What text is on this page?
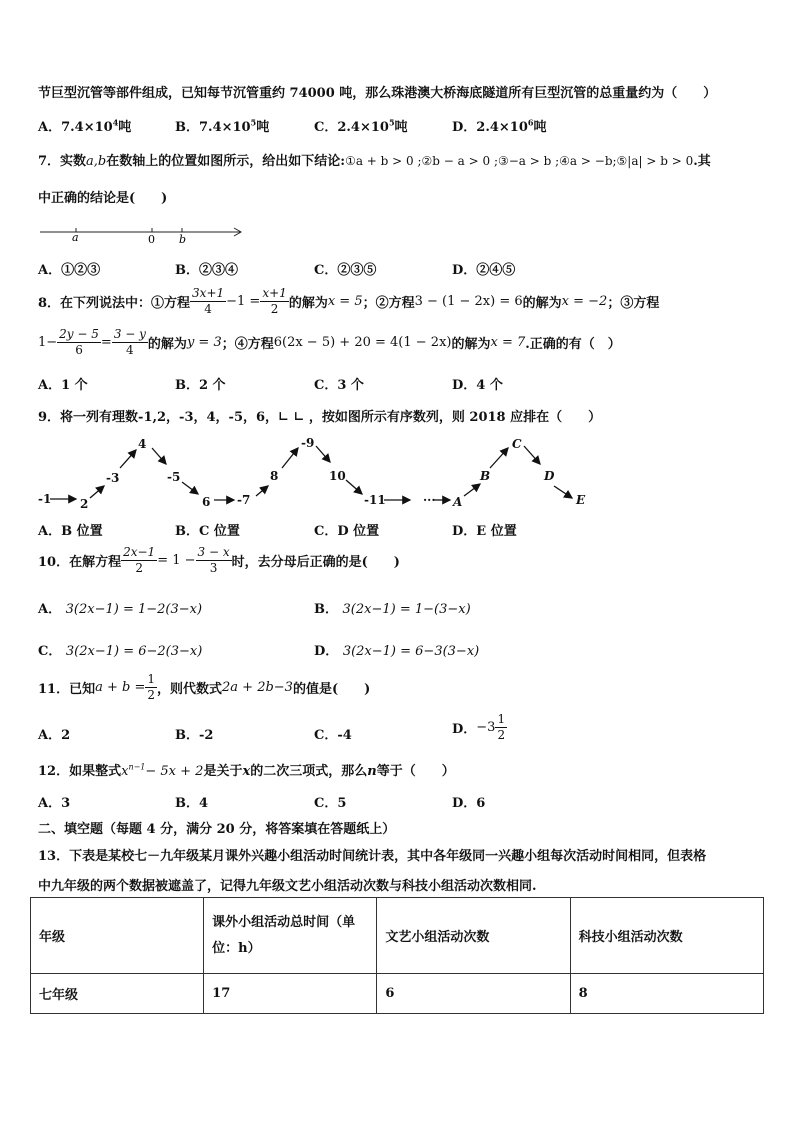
节巨型沉管等部件组成，已知每节沉管重约 74000 吨，那么珠港澳大桥海底隧道所有巨型沉管的总重量约为（　　）
A．$7.4\times 10^4$吨	B．$7.4\times 10^5$吨	C．$2.4\times 10^5$吨	D．$2.4\times 10^6$吨
7．实数a,b在数轴上的位置如图所示，给出如下结论:①a + b > 0 ;②b − a > 0 ;③−a > b ;④a > −b;⑤|a| > b > 0.其
中正确的结论是(　　)
a	0 b
A．①②③	B．②③④	C．②③⑤	D．②④⑤
8．在下列说法中：①方程 $\frac{3x+1}{4} -1 = \frac{x+1}{2}$ 的解为x = 5；②方程3 − (1 − 2x) = 6的解为x = −2；③方程
$1- \frac{2y - 5}{6} = \frac{3 - y}{4}$ 的解为y = 3；④方程6(2x − 5) + 20 = 4(1 − 2x)的解为x = 7.正确的有（　）
A．1 个	B．2 个	C．3 个	D．4 个
9．将一列有理数-1,2，-3，4，-5，6，∟ ∟ ，按如图所示有序数列，则 2018 应排在（　　）
-1 2
-3
4
-5
6 -7
8
-9
10
-11	··· A
B
C
D
E
A．B 位置	B．C 位置	C．D 位置	D．E 位置
10．在解方程 $\frac{2x-1}{2} = 1 - \frac{3 - x}{3}$ 时，去分母后正确的是(　　)
A． 3(2x−1) = 1−2(3−x)	B． 3(2x−1) = 1−(3−x)
C． 3(2x−1) = 6−2(3−x)	D． 3(2x−1) = 6−3(3−x)
11．已知$a + b = \frac{1}{2}$ ，则代数式2a + 2b−3的值是(　　)
A．2	B．-2	C．-4	D．$-3 \frac{1}{2}$
12．如果整式$x^{n-1}- 5x + 2$是关于x的二次三项式，那么n等于（　　）
A．3	B．4	C．5	D．6
二、填空题（每题 4 分，满分 20 分，将答案填在答题纸上）
13．下表是某校七－九年级某月课外兴趣小组活动时间统计表，其中各年级同一兴趣小组每次活动时间相同，但表格
中九年级的两个数据被遮盖了，记得九年级文艺小组活动次数与科技小组活动次数相同.
年级	课外小组活动总时间（单
位：h）	文艺小组活动次数	科技小组活动次数
七年级	17	6	8
